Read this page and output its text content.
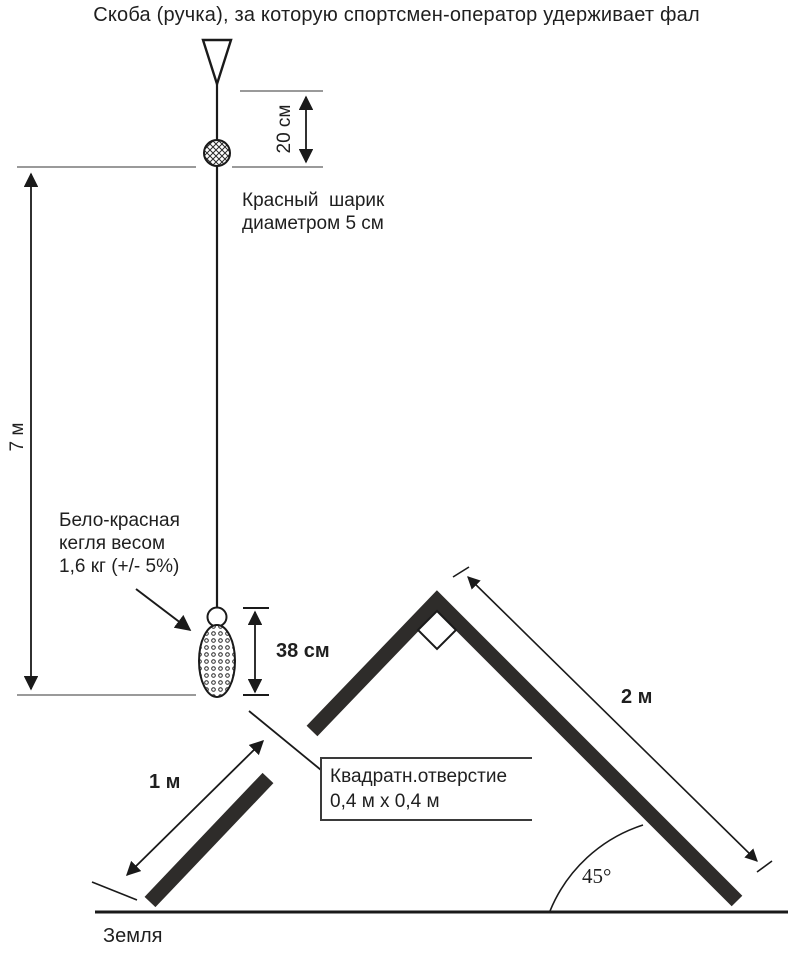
Скоба (ручка), за которую спортсмен-оператор удерживает фал
20 см
Красный  шарик
диаметром 5 см
7 м
Бело-красная
кегля весом
1,6 кг (+/- 5%)
38 см
1 м	Квадратн.отверстие
0,4 м x 0,4 м
2 м
45°
Земля
